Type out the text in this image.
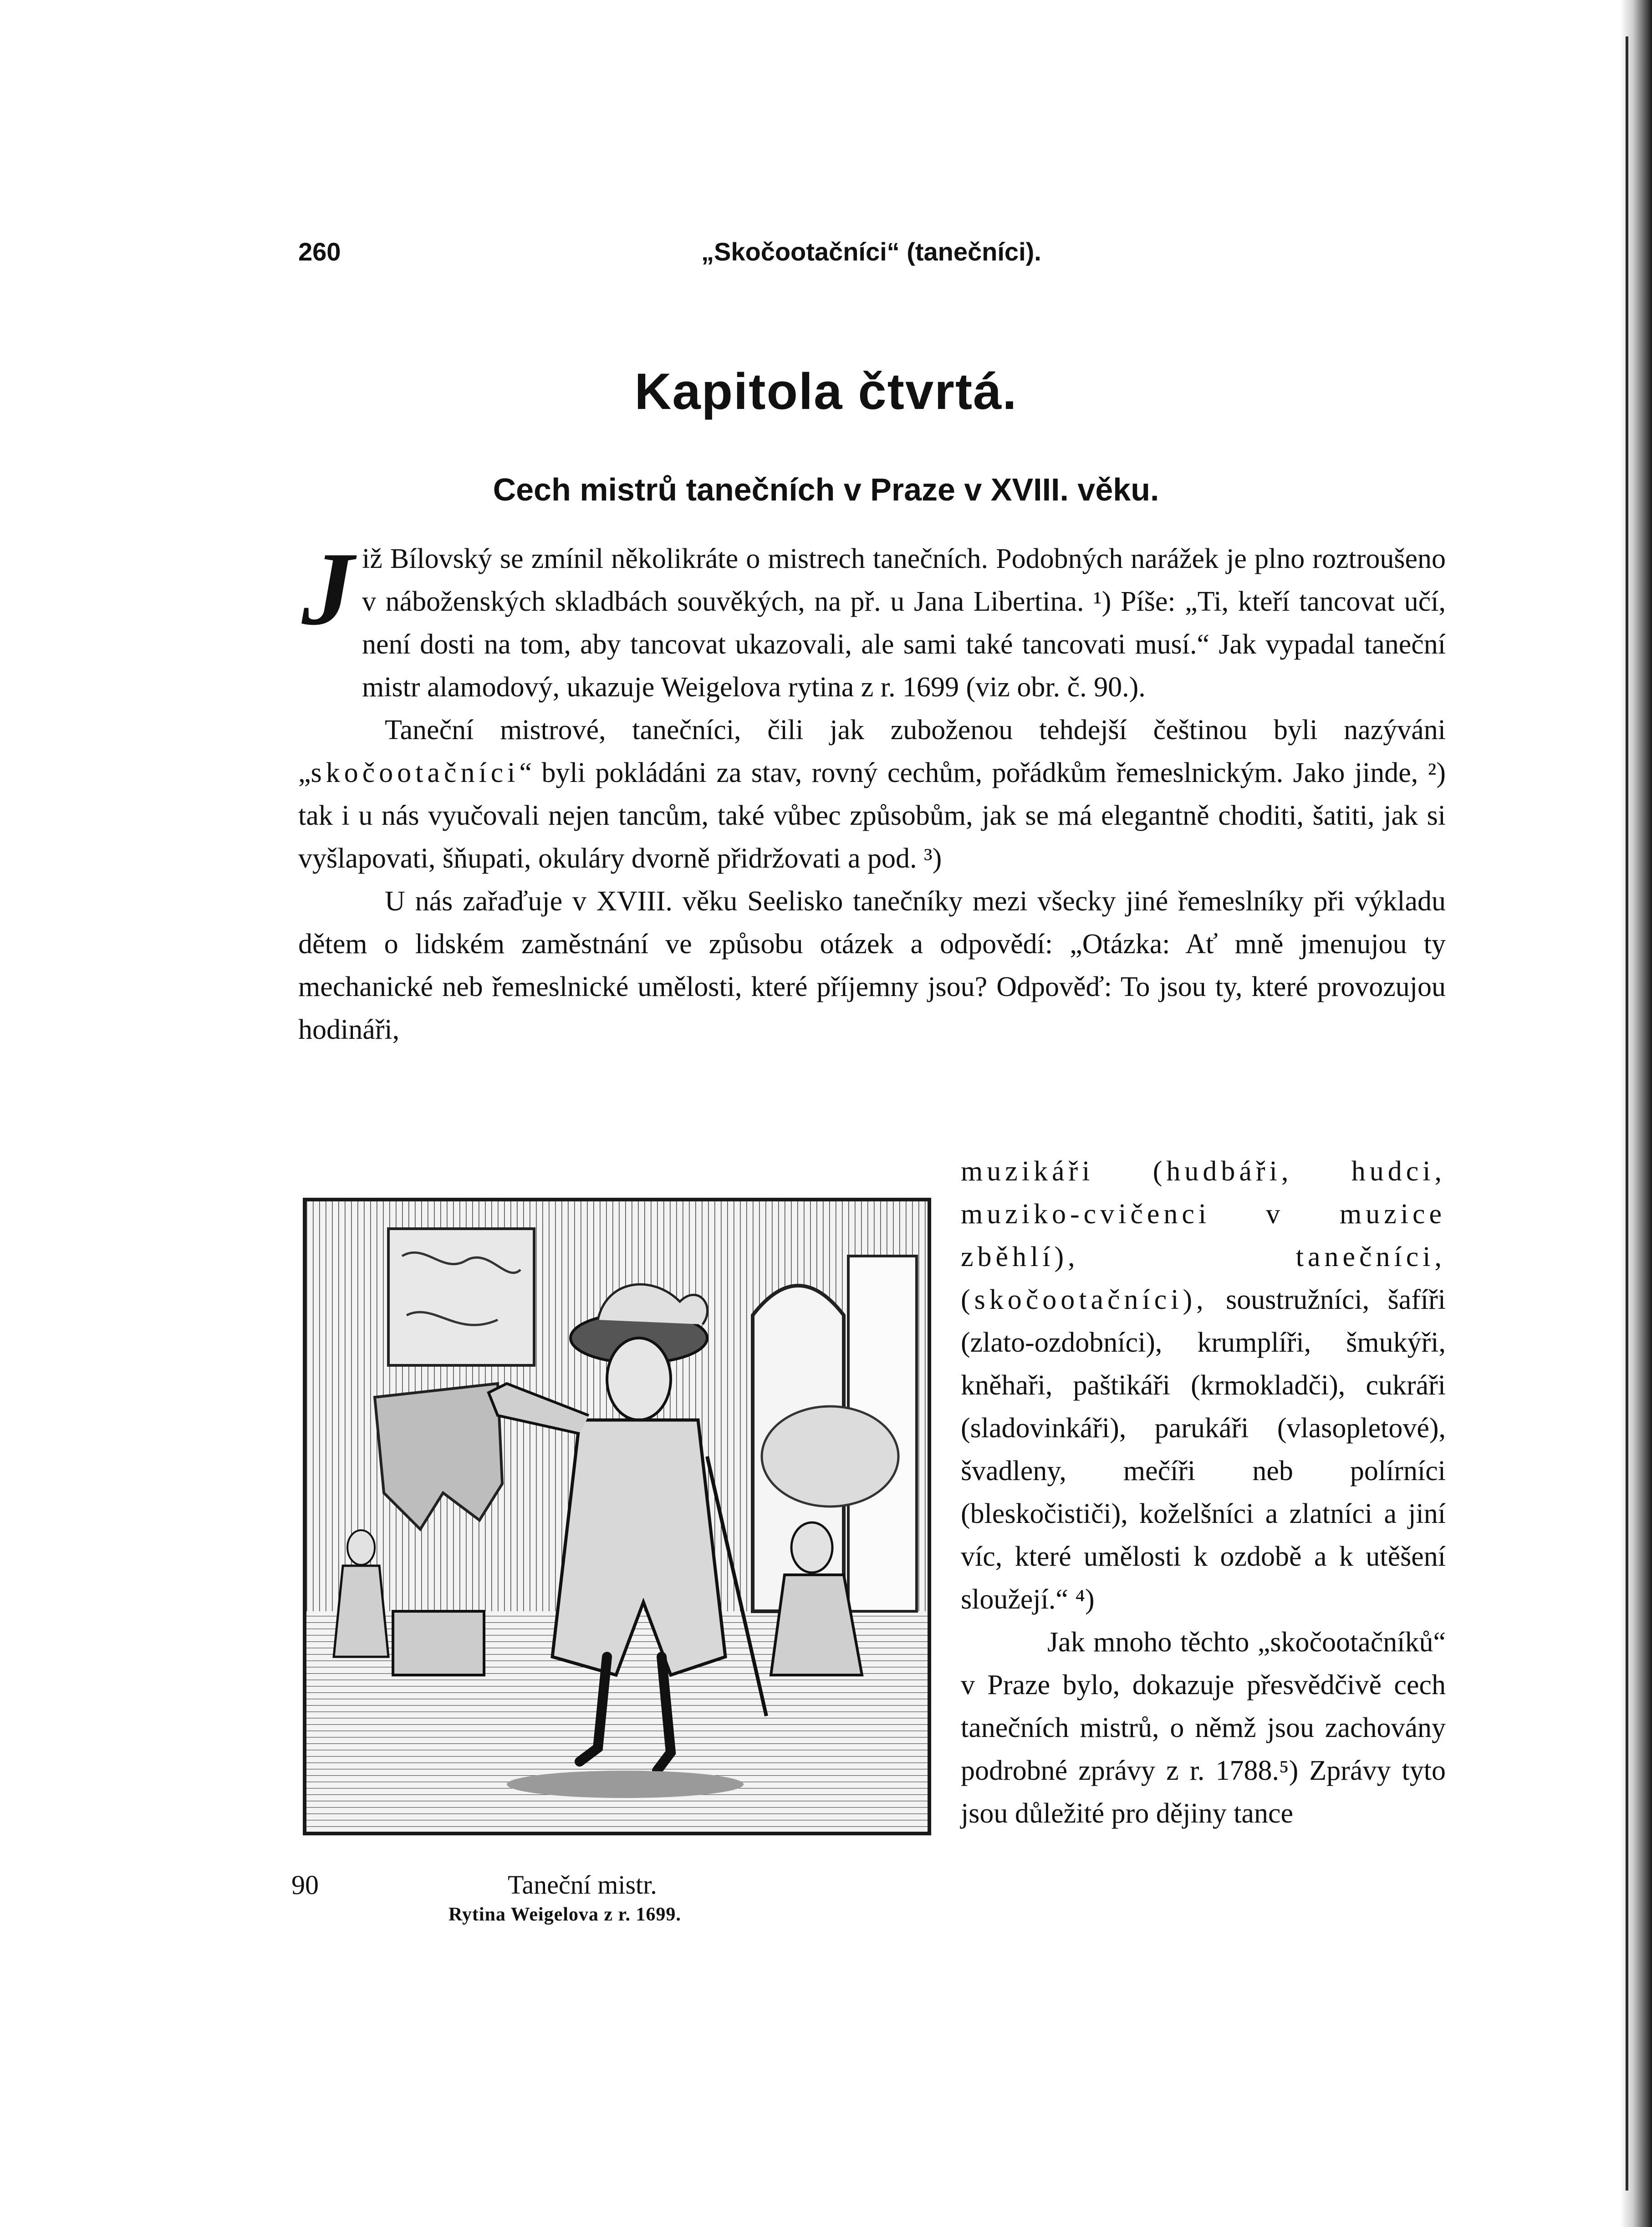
260	„Skočootačníci“ (tanečníci).
Kapitola čtvrtá.
Cech mistrů tanečních v Praze v XVIII. věku.
J iž Bílovský se zmínil několikráte o mistrech tanečních. Podobných narážek je plno roztroušeno v náboženských skladbách souvěkých, na př. u Jana Libertina. ¹) Píše: „Ti, kteří tancovat učí, není dosti na tom, aby tancovat ukazovali, ale sami také tancovati musí.“ Jak vypadal taneční mistr alamodový, ukazuje Weigelova rytina z r. 1699 (viz obr. č. 90.).

Taneční mistrové, tanečníci, čili jak zuboženou tehdejší češtinou byli nazýváni „skočootačníci“ byli pokládáni za stav, rovný cechům, pořádkům řemeslnickým. Jako jinde, ²) tak i u nás vyučovali nejen tancům, také vůbec způsobům, jak se má elegantně choditi, šatiti, jak si vyšlapovati, šňupati, okuláry dvorně přidržovati a pod. ³)

U nás zařaďuje v XVIII. věku Seelisko tanečníky mezi všecky jiné řemeslníky při výkladu dětem o lidském zaměstnání ve způsobu otázek a odpovědí: „Otázka: Ať mně jmenujou ty mechanické neb řemeslnické umělosti, které příjemny jsou? Odpověď: To jsou ty, které provozujou hodináři,

muzikáři (hudbáři, hudci, muziko-cvičenci v muzice zběhlí), tanečníci, (skočootačníci), soustružníci, šafíři (zlato-ozdobníci), krumplíři, šmukýři, kněhaři, paštikáři (krmokladči), cukráři (sladovinkáři), parukáři (vlasopletové), švadleny, mečíři neb polírníci (bleskočističi), koželšníci a zlatníci a jiní víc, které umělosti k ozdobě a k utěšení sloužejí.“ ⁴)

Jak mnoho těchto „skočootačníků“ v Praze bylo, dokazuje přesvědčivě cech tanečních mistrů, o němž jsou zachovány podrobné zprávy z r. 1788.⁵) Zprávy tyto jsou důležité pro dějiny tance

90	Taneční mistr.
Rytina Weigelova z r. 1699.
